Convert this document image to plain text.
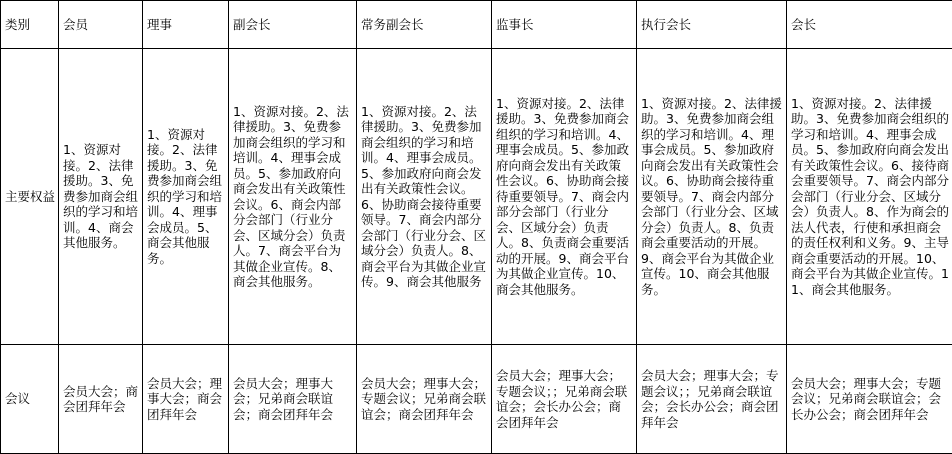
类别	会员	理事	副会长	常务副会长	监事长	执行会长	会长
主要权益	1、资源对接。2、法律援助。3、免费参加商会组织的学习和培训。4、商会其他服务。	1、资源对接。2、法律援助。3、免费参加商会组织的学习和培训。4、理事会成员。5、商会其他服务。	1、资源对接。2、法律援助。3、免费参加商会组织的学习和培训。4、理事会成员。5、参加政府向商会发出有关政策性会议。6、商会内部分会部门（行业分会、区域分会）负责人。7、商会平台为其做企业宣传。8、商会其他服务。	1、资源对接。2、法律援助。3、免费参加商会组织的学习和培训。4、理事会成员。5、参加政府向商会发出有关政策性会议。6、协助商会接待重要领导。7、商会内部分会部门（行业分会、区域分会）负责人。8、商会平台为其做企业宣传。9、商会其他服务	1、资源对接。2、法律援助。3、免费参加商会组织的学习和培训。4、理事会成员。5、参加政府向商会发出有关政策性会议。6、协助商会接待重要领导。7、商会内部分会部门（行业分会、区域分会）负责人。8、负责商会重要活动的开展。9、商会平台为其做企业宣传。10、商会其他服务。	1、资源对接。2、法律援助。3、免费参加商会组织的学习和培训。4、理事会成员。5、参加政府向商会发出有关政策性会议。6、协助商会接待重要领导。7、商会内部分会部门（行业分会、区域分会）负责人。8、负责商会重要活动的开展。9、商会平台为其做企业宣传。10、商会其他服务。	1、资源对接。2、法律援助。3、免费参加商会组织的学习和培训。4、理事会成员。5、参加政府向商会发出有关政策性会议。6、接待商会重要领导。7、商会内部分会部门（行业分会、区域分会）负责人。8、作为商会的法人代表，行使和承担商会的责任权利和义务。9、主导商会重要活动的开展。10、商会平台为其做企业宣传。11、商会其他服务。
会议	会员大会；商会团拜年会	会员大会；理事大会；商会团拜年会	会员大会；理事大会；兄弟商会联谊会；商会团拜年会	会员大会；理事大会；专题会议；兄弟商会联谊会；商会团拜年会	会员大会；理事大会；专题会议；；兄弟商会联谊会；会长办公会；商会团拜年会	会员大会；理事大会；专题会议；；兄弟商会联谊会；会长办公会；商会团拜年会	会员大会；理事大会；专题会议；兄弟商会联谊会；会长办公会；商会团拜年会
